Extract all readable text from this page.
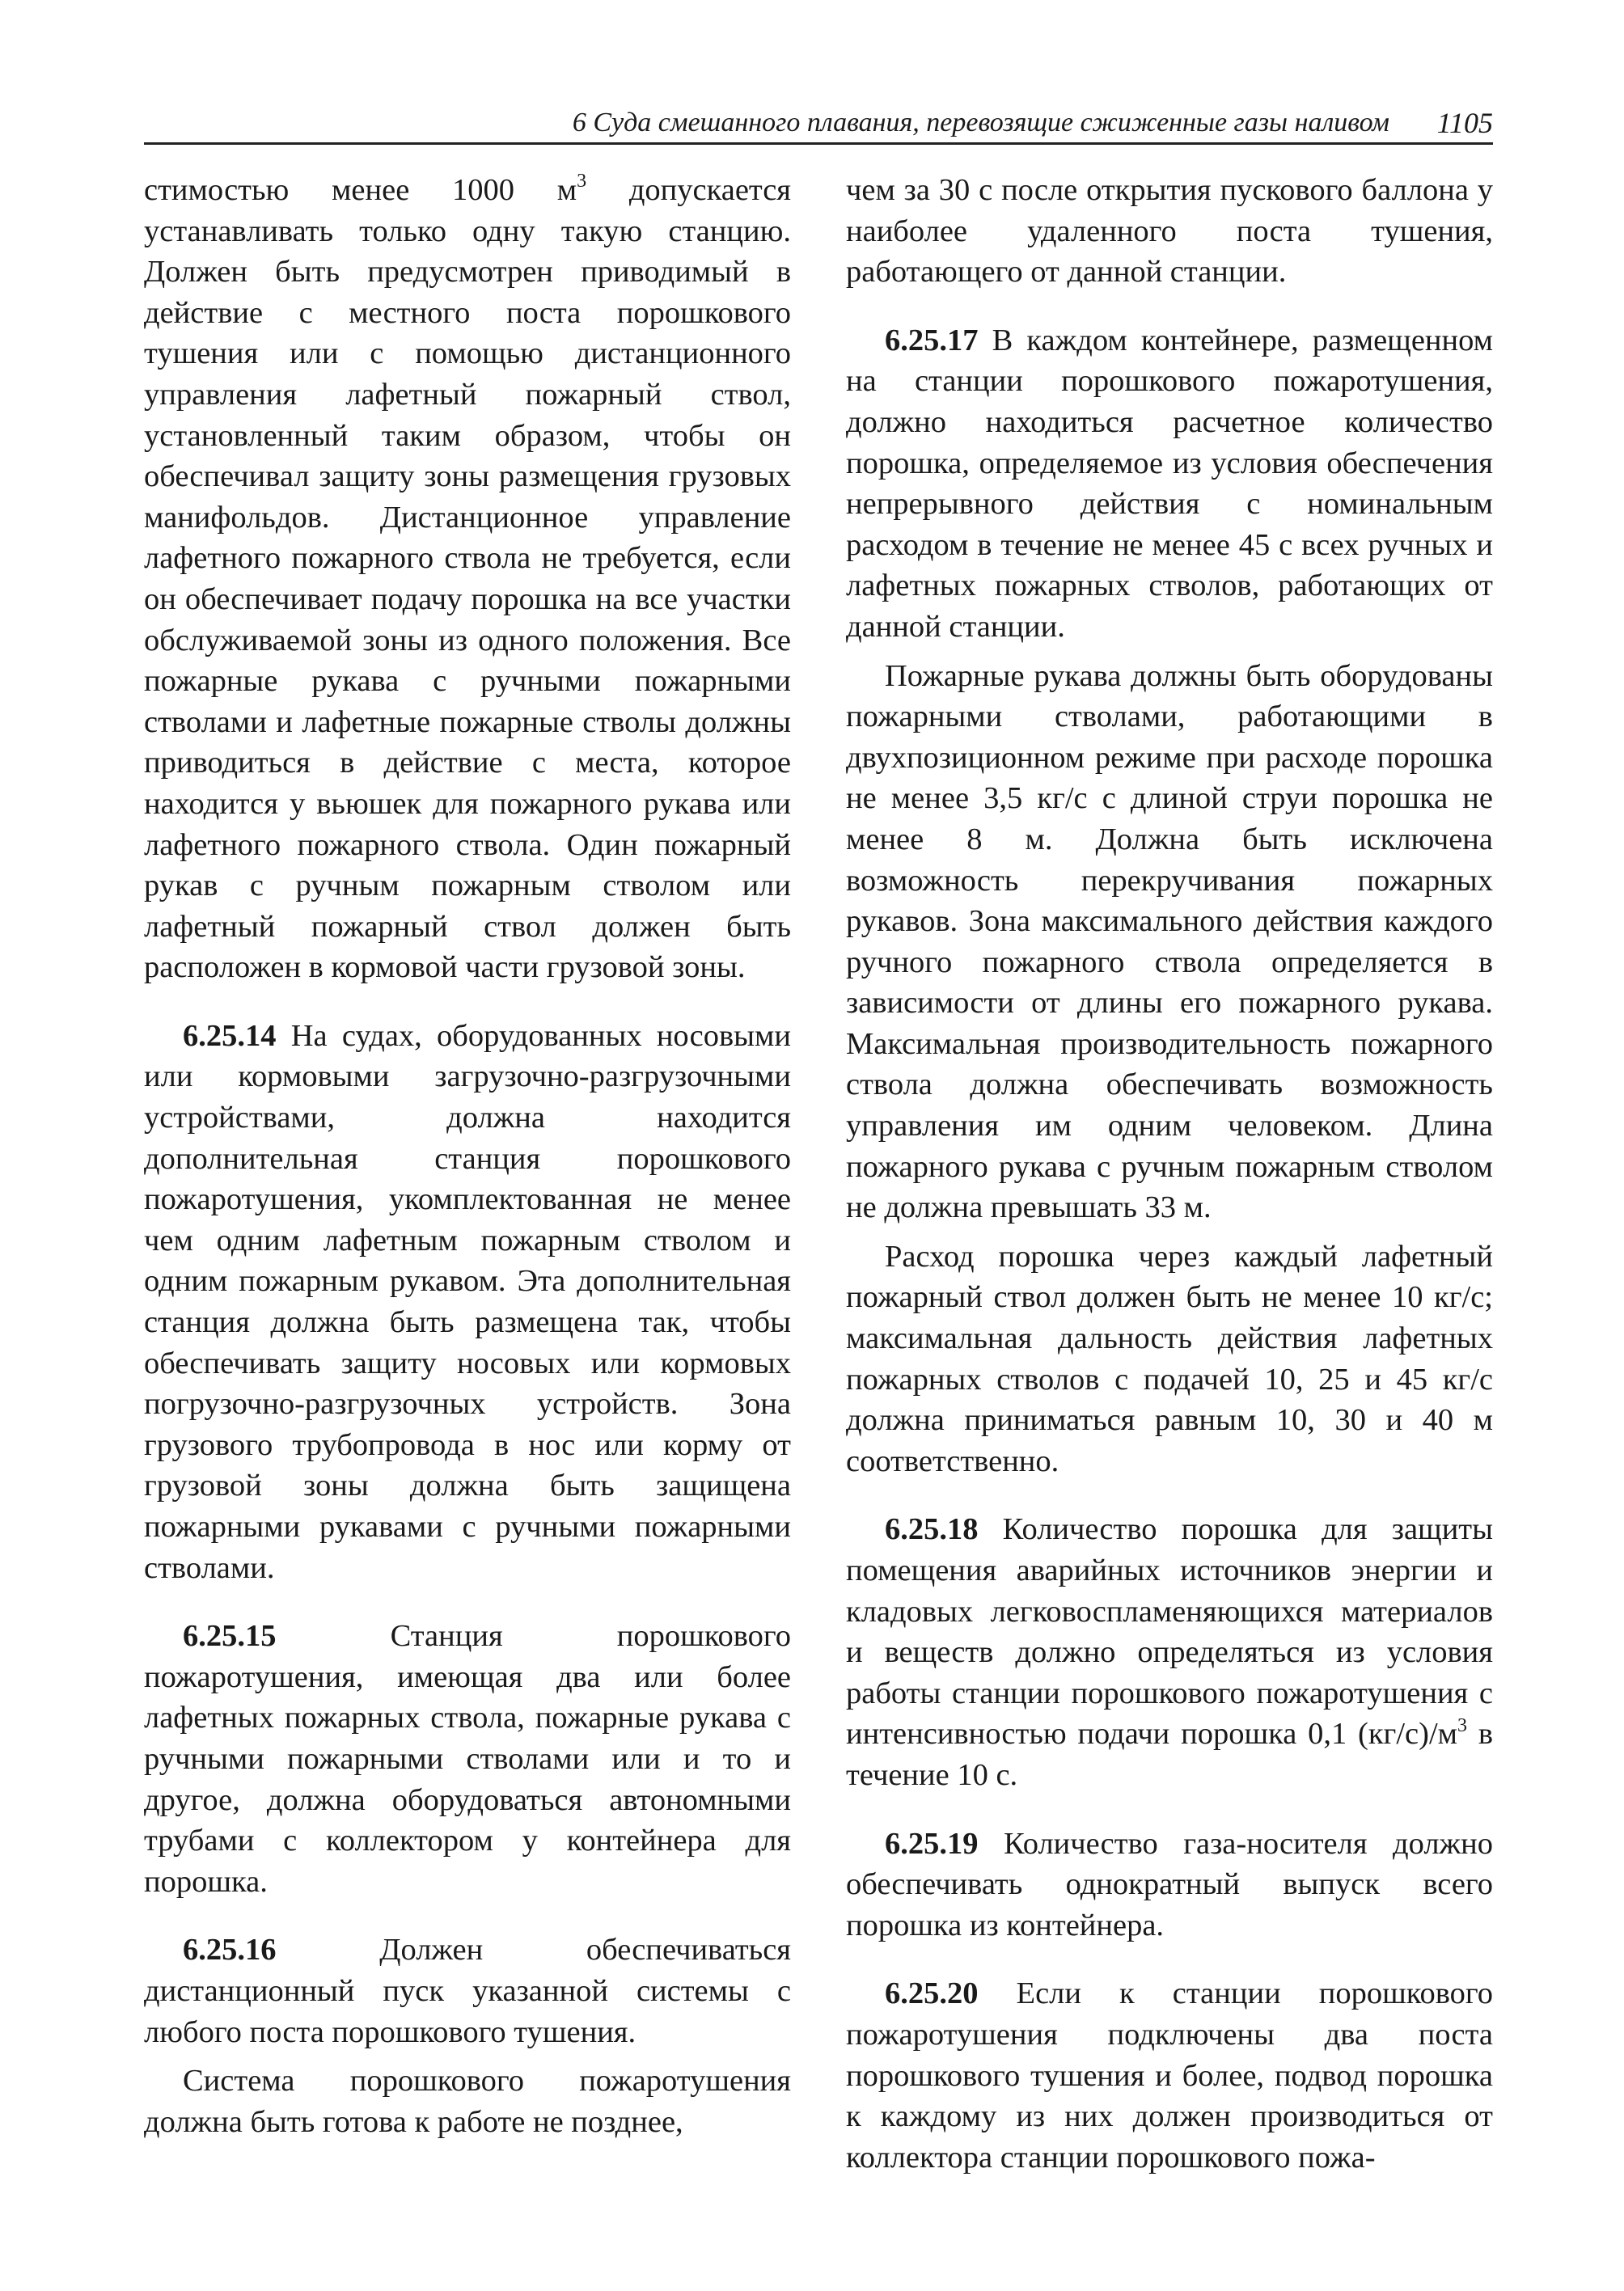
6 Суда смешанного плавания, перевозящие сжиженные газы наливом 1105

стимостью менее 1000 $м^3$ допускается устанавливать только одну такую станцию. Должен быть предусмотрен приводимый в действие с местного поста порошкового тушения или с помощью дистанционного управления лафетный пожарный ствол, установленный таким образом, чтобы он обеспечивал защиту зоны размещения грузовых манифольдов. Дистанционное управление лафетного пожарного ствола не требуется, если он обеспечивает подачу порошка на все участки обслуживаемой зоны из одного положения. Все пожарные рукава с ручными пожарными стволами и лафетные пожарные стволы должны приводиться в действие с места, которое находится у вьюшек для пожарного рукава или лафетного пожарного ствола. Один пожарный рукав с ручным пожарным стволом или лафетный пожарный ствол должен быть расположен в кормовой части грузовой зоны.

6.25.14 На судах, оборудованных носовыми или кормовыми загрузочно-разгрузочными устройствами, должна находится дополнительная станция порошкового пожаротушения, укомплектованная не менее чем одним лафетным пожарным стволом и одним пожарным рукавом. Эта дополнительная станция должна быть размещена так, чтобы обеспечивать защиту носовых или кормовых погрузочно-разгрузочных устройств. Зона грузового трубопровода в нос или корму от грузовой зоны должна быть защищена пожарными рукавами с ручными пожарными стволами.

6.25.15 Станция порошкового пожаротушения, имеющая два или более лафетных пожарных ствола, пожарные рукава с ручными пожарными стволами или и то и другое, должна оборудоваться автономными трубами с коллектором у контейнера для порошка.

6.25.16 Должен обеспечиваться дистанционный пуск указанной системы с любого поста порошкового тушения.

Система порошкового пожаротушения должна быть готова к работе не позднее,

чем за 30 с после открытия пускового баллона у наиболее удаленного поста тушения, работающего от данной станции.

6.25.17 В каждом контейнере, размещенном на станции порошкового пожаротушения, должно находиться расчетное количество порошка, определяемое из условия обеспечения непрерывного действия с номинальным расходом в течение не менее 45 с всех ручных и лафетных пожарных стволов, работающих от данной станции.

Пожарные рукава должны быть оборудованы пожарными стволами, работающими в двухпозиционном режиме при расходе порошка не менее 3,5 кг/с с длиной струи порошка не менее 8 м. Должна быть исключена возможность перекручивания пожарных рукавов. Зона максимального действия каждого ручного пожарного ствола определяется в зависимости от длины его пожарного рукава. Максимальная производительность пожарного ствола должна обеспечивать возможность управления им одним человеком. Длина пожарного рукава с ручным пожарным стволом не должна превышать 33 м.

Расход порошка через каждый лафетный пожарный ствол должен быть не менее 10 кг/с; максимальная дальность действия лафетных пожарных стволов с подачей 10, 25 и 45 кг/с должна приниматься равным 10, 30 и 40 м соответственно.

6.25.18 Количество порошка для защиты помещения аварийных источников энергии и кладовых легковоспламеняющихся материалов и веществ должно определяться из условия работы станции порошкового пожаротушения с интенсивностью подачи порошка 0,1 $(кг/с)/м^3$ в течение 10 с.

6.25.19 Количество газа-носителя должно обеспечивать однократный выпуск всего порошка из контейнера.

6.25.20 Если к станции порошкового пожаротушения подключены два поста порошкового тушения и более, подвод порошка к каждому из них должен производиться от коллектора станции порошкового пожа-
